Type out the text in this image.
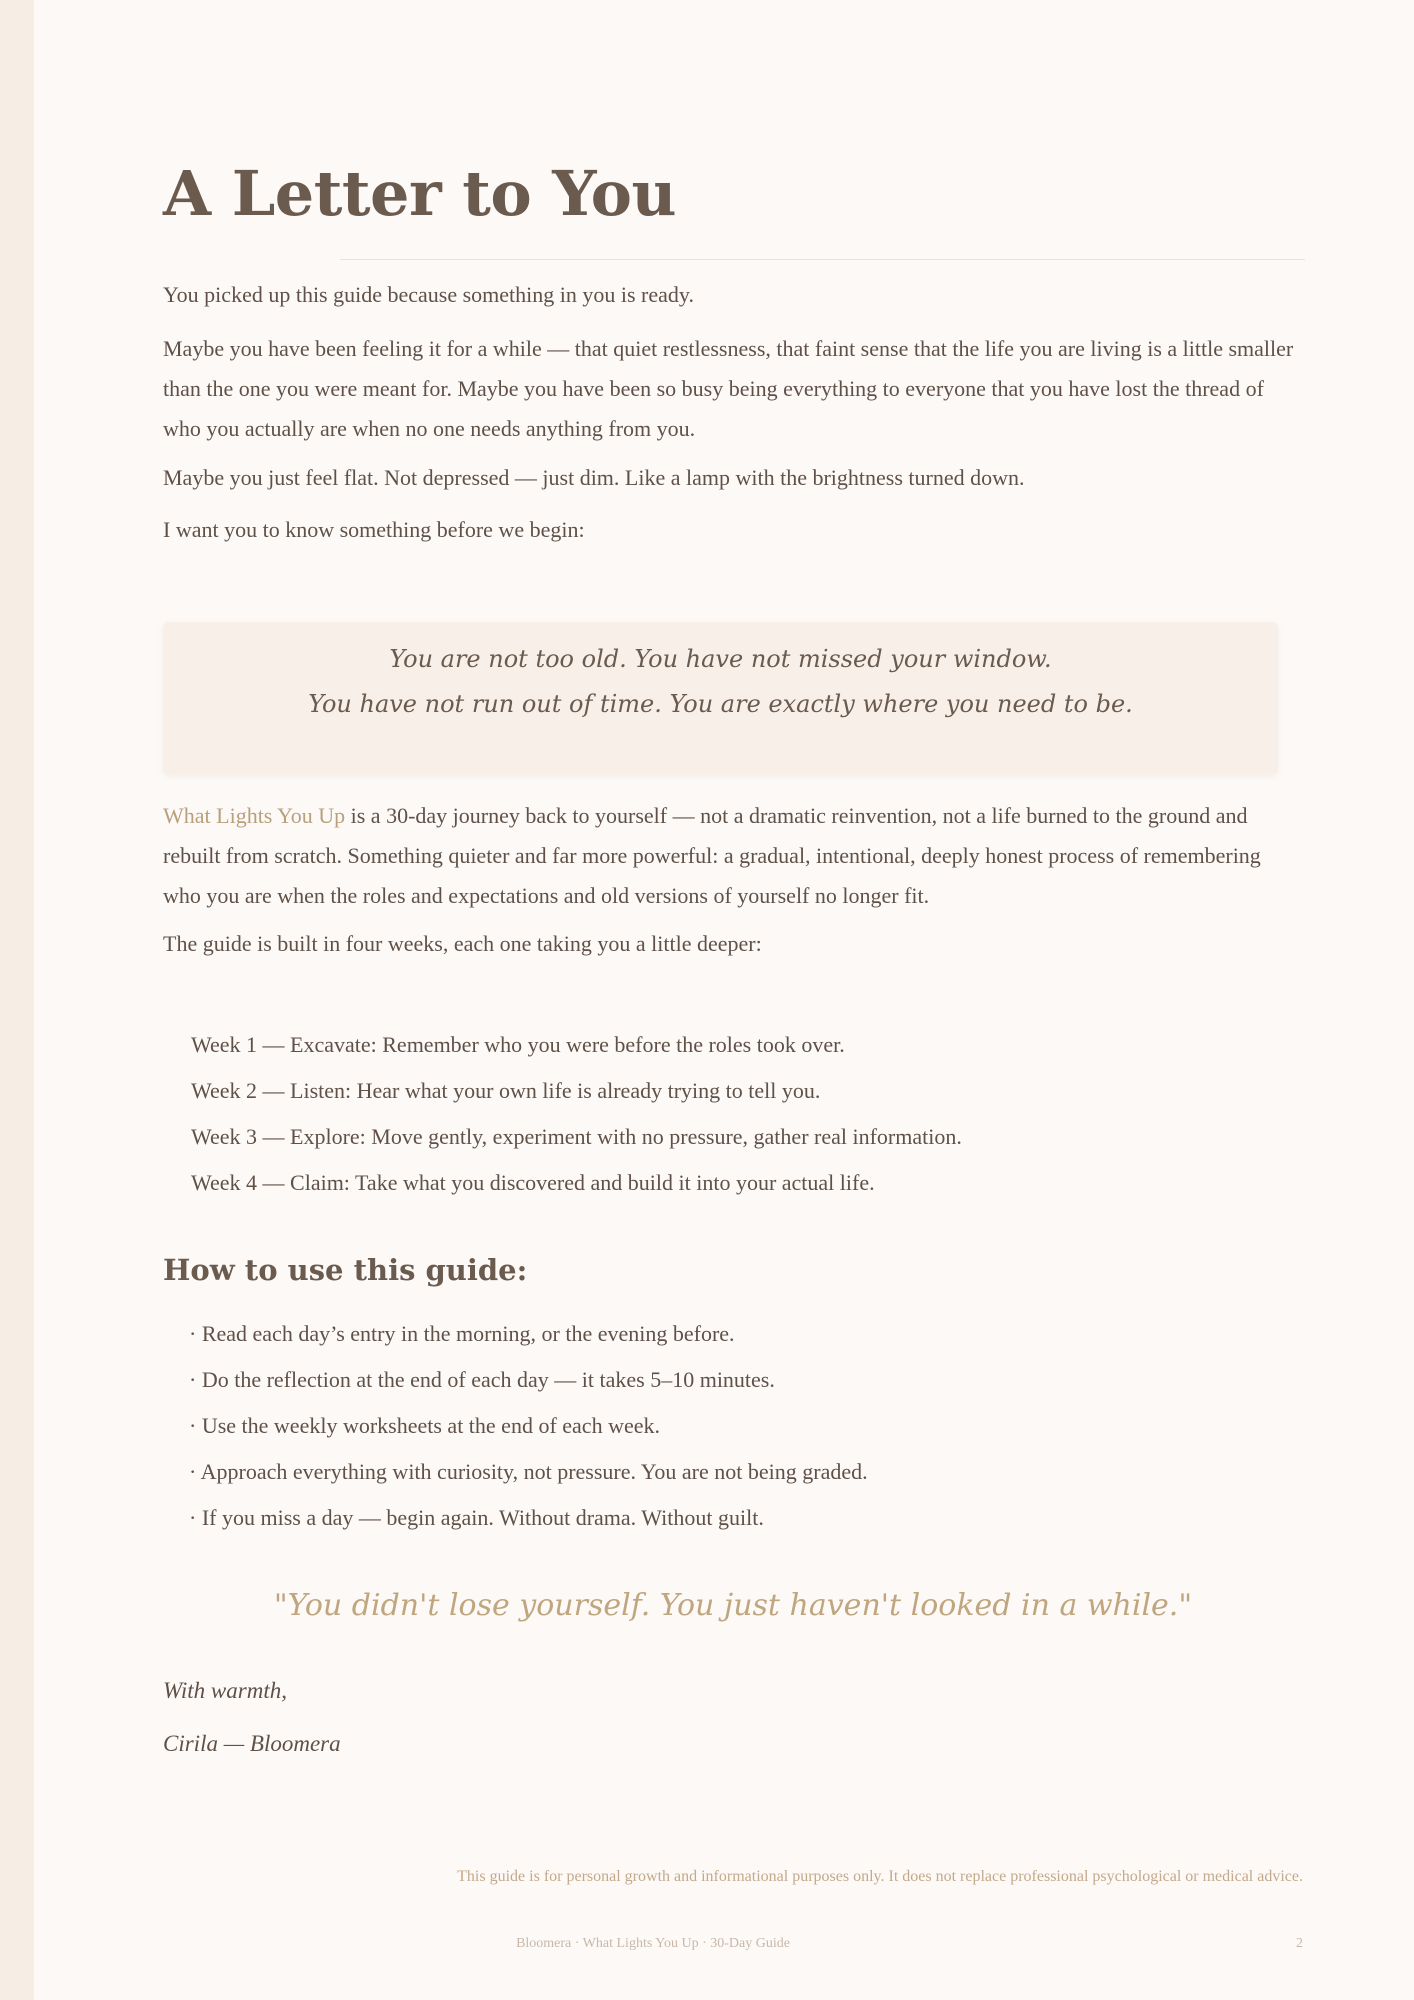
A Letter to You

You picked up this guide because something in you is ready.

Maybe you have been feeling it for a while — that quiet restlessness, that faint sense that the life you are living is a little smaller than the one you were meant for. Maybe you have been so busy being everything to everyone that you have lost the thread of who you actually are when no one needs anything from you.

Maybe you just feel flat. Not depressed — just dim. Like a lamp with the brightness turned down.

I want you to know something before we begin:

You are not too old. You have not missed your window.
You have not run out of time. You are exactly where you need to be.

What Lights You Up is a 30-day journey back to yourself — not a dramatic reinvention, not a life burned to the ground and rebuilt from scratch. Something quieter and far more powerful: a gradual, intentional, deeply honest process of remembering who you are when the roles and expectations and old versions of yourself no longer fit.

The guide is built in four weeks, each one taking you a little deeper:

Week 1 — Excavate: Remember who you were before the roles took over.
Week 2 — Listen: Hear what your own life is already trying to tell you.
Week 3 — Explore: Move gently, experiment with no pressure, gather real information.
Week 4 — Claim: Take what you discovered and build it into your actual life.
How to use this guide:
· Read each day’s entry in the morning, or the evening before.
· Do the reflection at the end of each day — it takes 5–10 minutes.
· Use the weekly worksheets at the end of each week.
· Approach everything with curiosity, not pressure. You are not being graded.
· If you miss a day — begin again. Without drama. Without guilt.
"You didn't lose yourself. You just haven't looked in a while."
With warmth,
Cirila — Bloomera
This guide is for personal growth and informational purposes only. It does not replace professional psychological or medical advice.
Bloomera · What Lights You Up · 30-Day Guide	2
